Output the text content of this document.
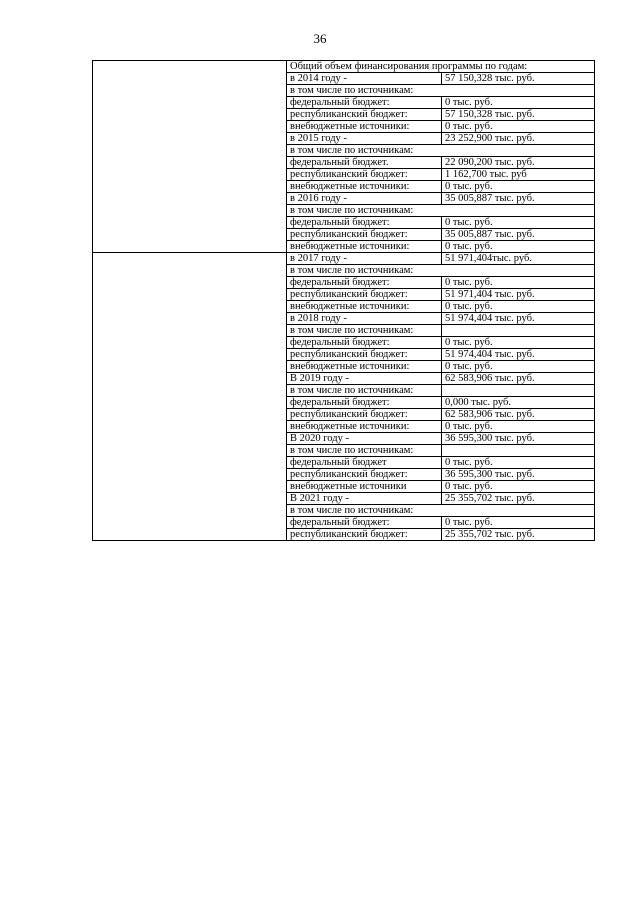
36
	Общий объем финансирования программы по годам:	
	в 2014 году -	57 150,328 тыс. руб.
	в том числе по источникам:	
	федеральный бюджет:	0 тыс. руб.
	республиканский бюджет:	57 150,328 тыс. руб.
	внебюджетные источники:	0 тыс. руб.
	в 2015 году -	23 252,900 тыс. руб.
	в том числе по источникам:	
	федеральный бюджет.	22 090,200 тыс. руб.
	республиканский бюджет:	1 162,700 тыс. руб
	внебюджетные источники:	0 тыс. руб.
	в 2016 году -	35 005,887 тыс. руб.
	в том числе по источникам:	
	федеральный бюджет:	0 тыс. руб.
	республиканский бюджет:	35 005,887 тыс. руб.
	внебюджетные источники:	0 тыс. руб.
	в 2017 году -	51 971,404тыс. руб.
	в том числе по источникам:	
	федеральный бюджет:	0 тыс. руб.
	республиканский бюджет:	51 971,404 тыс. руб.
	внебюджетные источники:	0 тыс. руб.
	в 2018 году -	51 974,404 тыс. руб.
	в том числе по источникам:	
	федеральный бюджет:	0 тыс. руб.
	республиканский бюджет:	51 974,404 тыс. руб.
	внебюджетные источники:	0 тыс. руб.
	В 2019 году -	62 583,906 тыс. руб.
	в том числе по источникам:	
	федеральный бюджет:	0,000 тыс. руб.
	республиканский бюджет:	62 583,906 тыс. руб.
	внебюджетные источники:	0 тыс. руб.
	В 2020 году -	36 595,300 тыс. руб.
	в том числе по источникам:	
	федеральный бюджет	0 тыс. руб.
	республиканский бюджет:	36 595,300 тыс. руб.
	внебюджетные источники	0 тыс. руб.
	В 2021 году -	25 355,702 тыс. руб.
	в том числе по источникам:	
	федеральный бюджет:	0 тыс. руб.
	республиканский бюджет:	25 355,702 тыс. руб.
